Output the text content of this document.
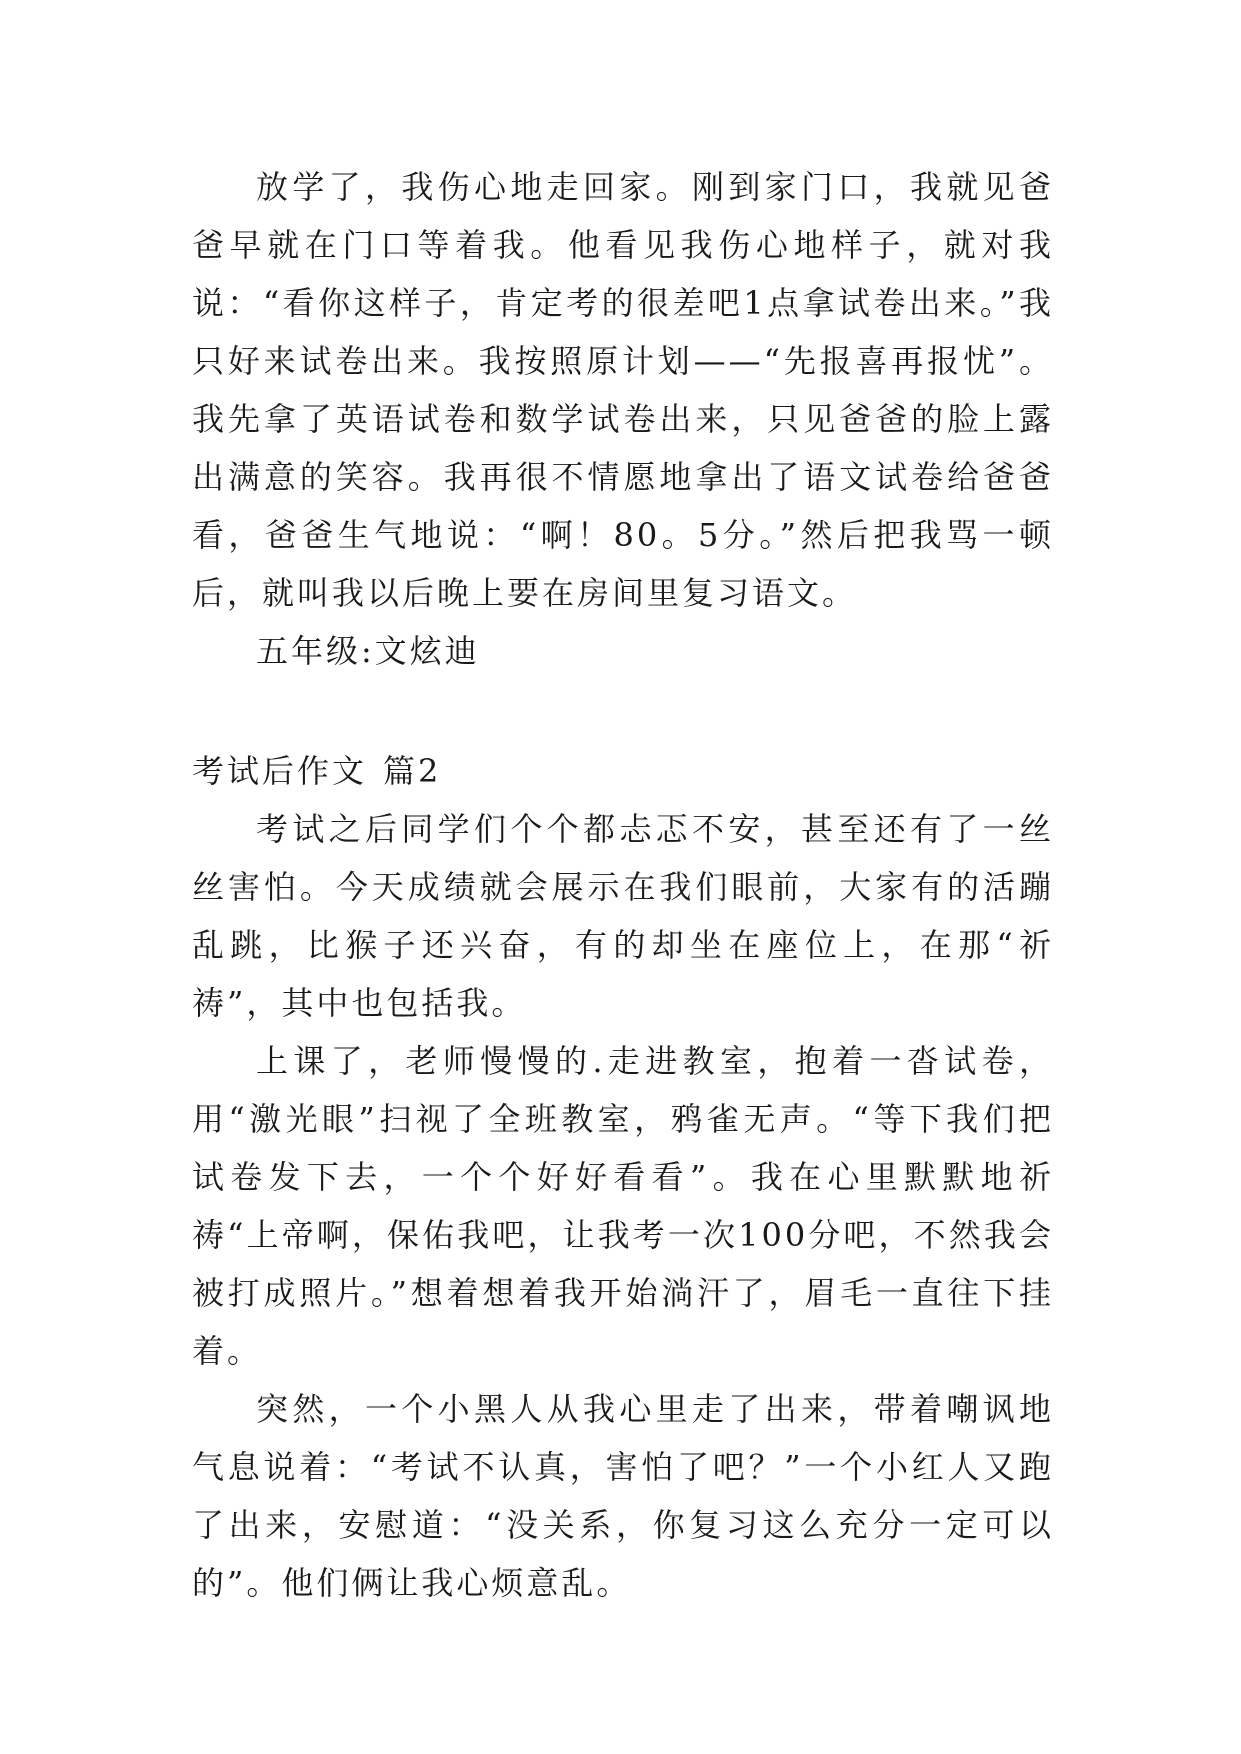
放学了，我伤心地走回家。刚到家门口，我就见爸爸早就在门口等着我。他看见我伤心地样子，就对我说：“看你这样子，肯定考的很差吧1点拿试卷出来。”我只好来试卷出来。我按照原计划——“先报喜再报忧”。我先拿了英语试卷和数学试卷出来，只见爸爸的脸上露出满意的笑容。我再很不情愿地拿出了语文试卷给爸爸看，爸爸生气地说：“啊！80。5分。”然后把我骂一顿后，就叫我以后晚上要在房间里复习语文。

五年级:文炫迪

考试后作文 篇2

考试之后同学们个个都忐忑不安，甚至还有了一丝丝害怕。今天成绩就会展示在我们眼前，大家有的活蹦乱跳，比猴子还兴奋，有的却坐在座位上，在那“祈祷”，其中也包括我。

上课了，老师慢慢的.走进教室，抱着一沓试卷，用“激光眼”扫视了全班教室，鸦雀无声。“等下我们把试卷发下去，一个个好好看看”。我在心里默默地祈祷“上帝啊，保佑我吧，让我考一次100分吧，不然我会被打成照片。”想着想着我开始淌汗了，眉毛一直往下挂着。

突然，一个小黑人从我心里走了出来，带着嘲讽地气息说着：“考试不认真，害怕了吧？”一个小红人又跑了出来，安慰道：“没关系，你复习这么充分一定可以的”。他们俩让我心烦意乱。
